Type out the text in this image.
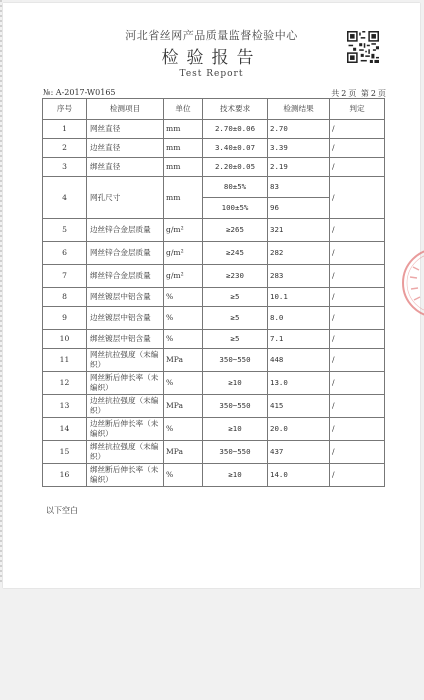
河北省丝网产品质量监督检验中心
检验报告
Test Report
№: A-2017-W0165	共 2 页 第 2 页
序号	检测项目	单位	技术要求	检测结果	判定
1	网丝直径	mm	2.70±0.06	2.70	/
2	边丝直径	mm	3.40±0.07	3.39	/
3	绑丝直径	mm	2.20±0.05	2.19	/
4	网孔尺寸	mm	80±5%	83	/
			100±5%	96	
5	边丝锌合金层质量	g/m²	≥265	321	/
6	网丝锌合金层质量	g/m²	≥245	282	/
7	绑丝锌合金层质量	g/m²	≥230	283	/
8	网丝镀层中铝含量	%	≥5	10.1	/
9	边丝镀层中铝含量	%	≥5	8.0	/
10	绑丝镀层中铝含量	%	≥5	7.1	/
11	网丝抗拉强度（未编织）	MPa	350~550	448	/
12	网丝断后伸长率（未编织）	%	≥10	13.0	/
13	边丝抗拉强度（未编织）	MPa	350~550	415	/
14	边丝断后伸长率（未编织）	%	≥10	20.0	/
15	绑丝抗拉强度（未编织）	MPa	350~550	437	/
16	绑丝断后伸长率（未编织）	%	≥10	14.0	/
以下空白
